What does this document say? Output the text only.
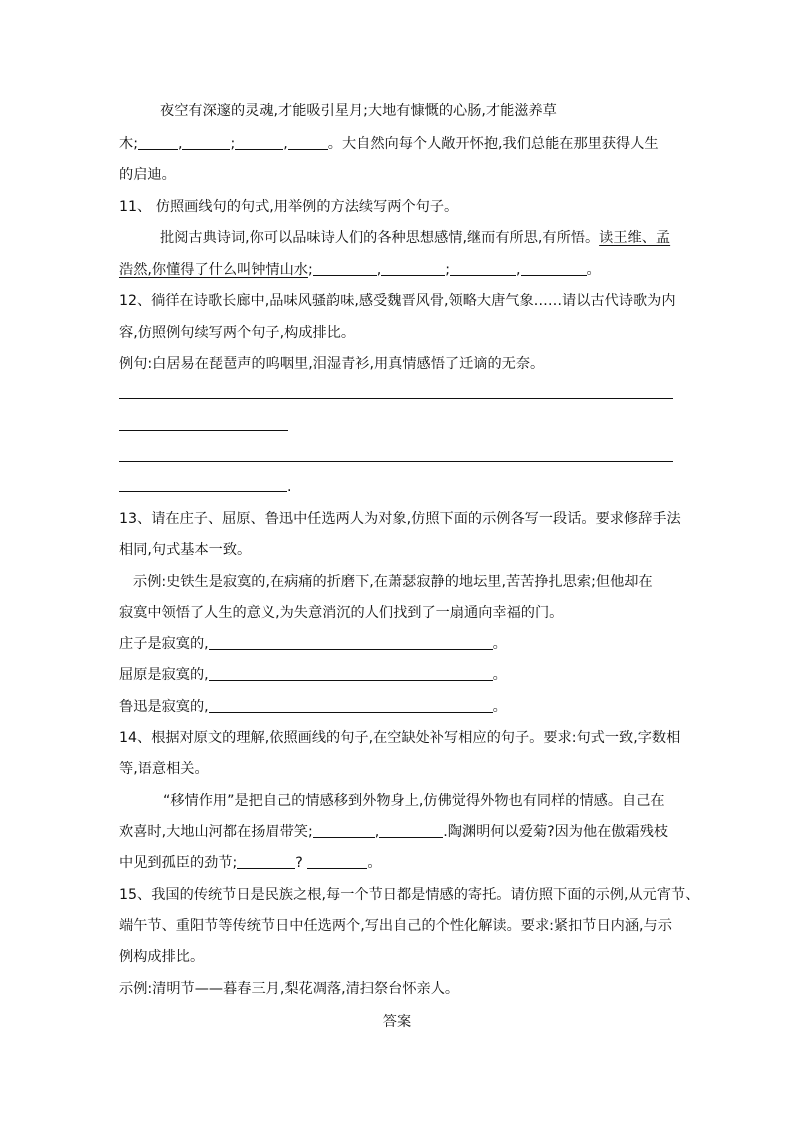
夜空有深邃的灵魂,才能吸引星月;大地有慷慨的心肠,才能滋养草
木;	,	;	,	。大自然向每个人敞开怀抱,我们总能在那里获得人生
的启迪。
11、 仿照画线句的句式,用举例的方法续写两个句子。
批阅古典诗词,你可以品味诗人们的各种思想感情,继而有所思,有所悟。读王维、孟
浩然,你懂得了什么叫钟情山水;	,	;	,	。
12、徜徉在诗歌长廊中,品味风骚韵味,感受魏晋风骨,领略大唐气象……请以古代诗歌为内
容,仿照例句续写两个句子,构成排比。
例句:白居易在琵琶声的呜咽里,泪湿青衫,用真情感悟了迁谪的无奈。
.
13、请在庄子、屈原、鲁迅中任选两人为对象,仿照下面的示例各写一段话。要求修辞手法
相同,句式基本一致。
示例:史铁生是寂寞的,在病痛的折磨下,在萧瑟寂静的地坛里,苦苦挣扎思索;但他却在
寂寞中领悟了人生的意义,为失意消沉的人们找到了一扇通向幸福的门。
庄子是寂寞的,	。
屈原是寂寞的,	。
鲁迅是寂寞的,	。
14、根据对原文的理解,依照画线的句子,在空缺处补写相应的句子。要求:句式一致,字数相
等,语意相关。
“移情作用”是把自己的情感移到外物身上,仿佛觉得外物也有同样的情感。自己在
欢喜时,大地山河都在扬眉带笑;	,	.陶渊明何以爱菊?因为他在傲霜残枝
中见到孤臣的劲节;	?	。
15、我国的传统节日是民族之根,每一个节日都是情感的寄托。请仿照下面的示例,从元宵节、
端午节、重阳节等传统节日中任选两个,写出自己的个性化解读。要求:紧扣节日内涵,与示
例构成排比。
示例:清明节——暮春三月,梨花凋落,清扫祭台怀亲人。
答案
